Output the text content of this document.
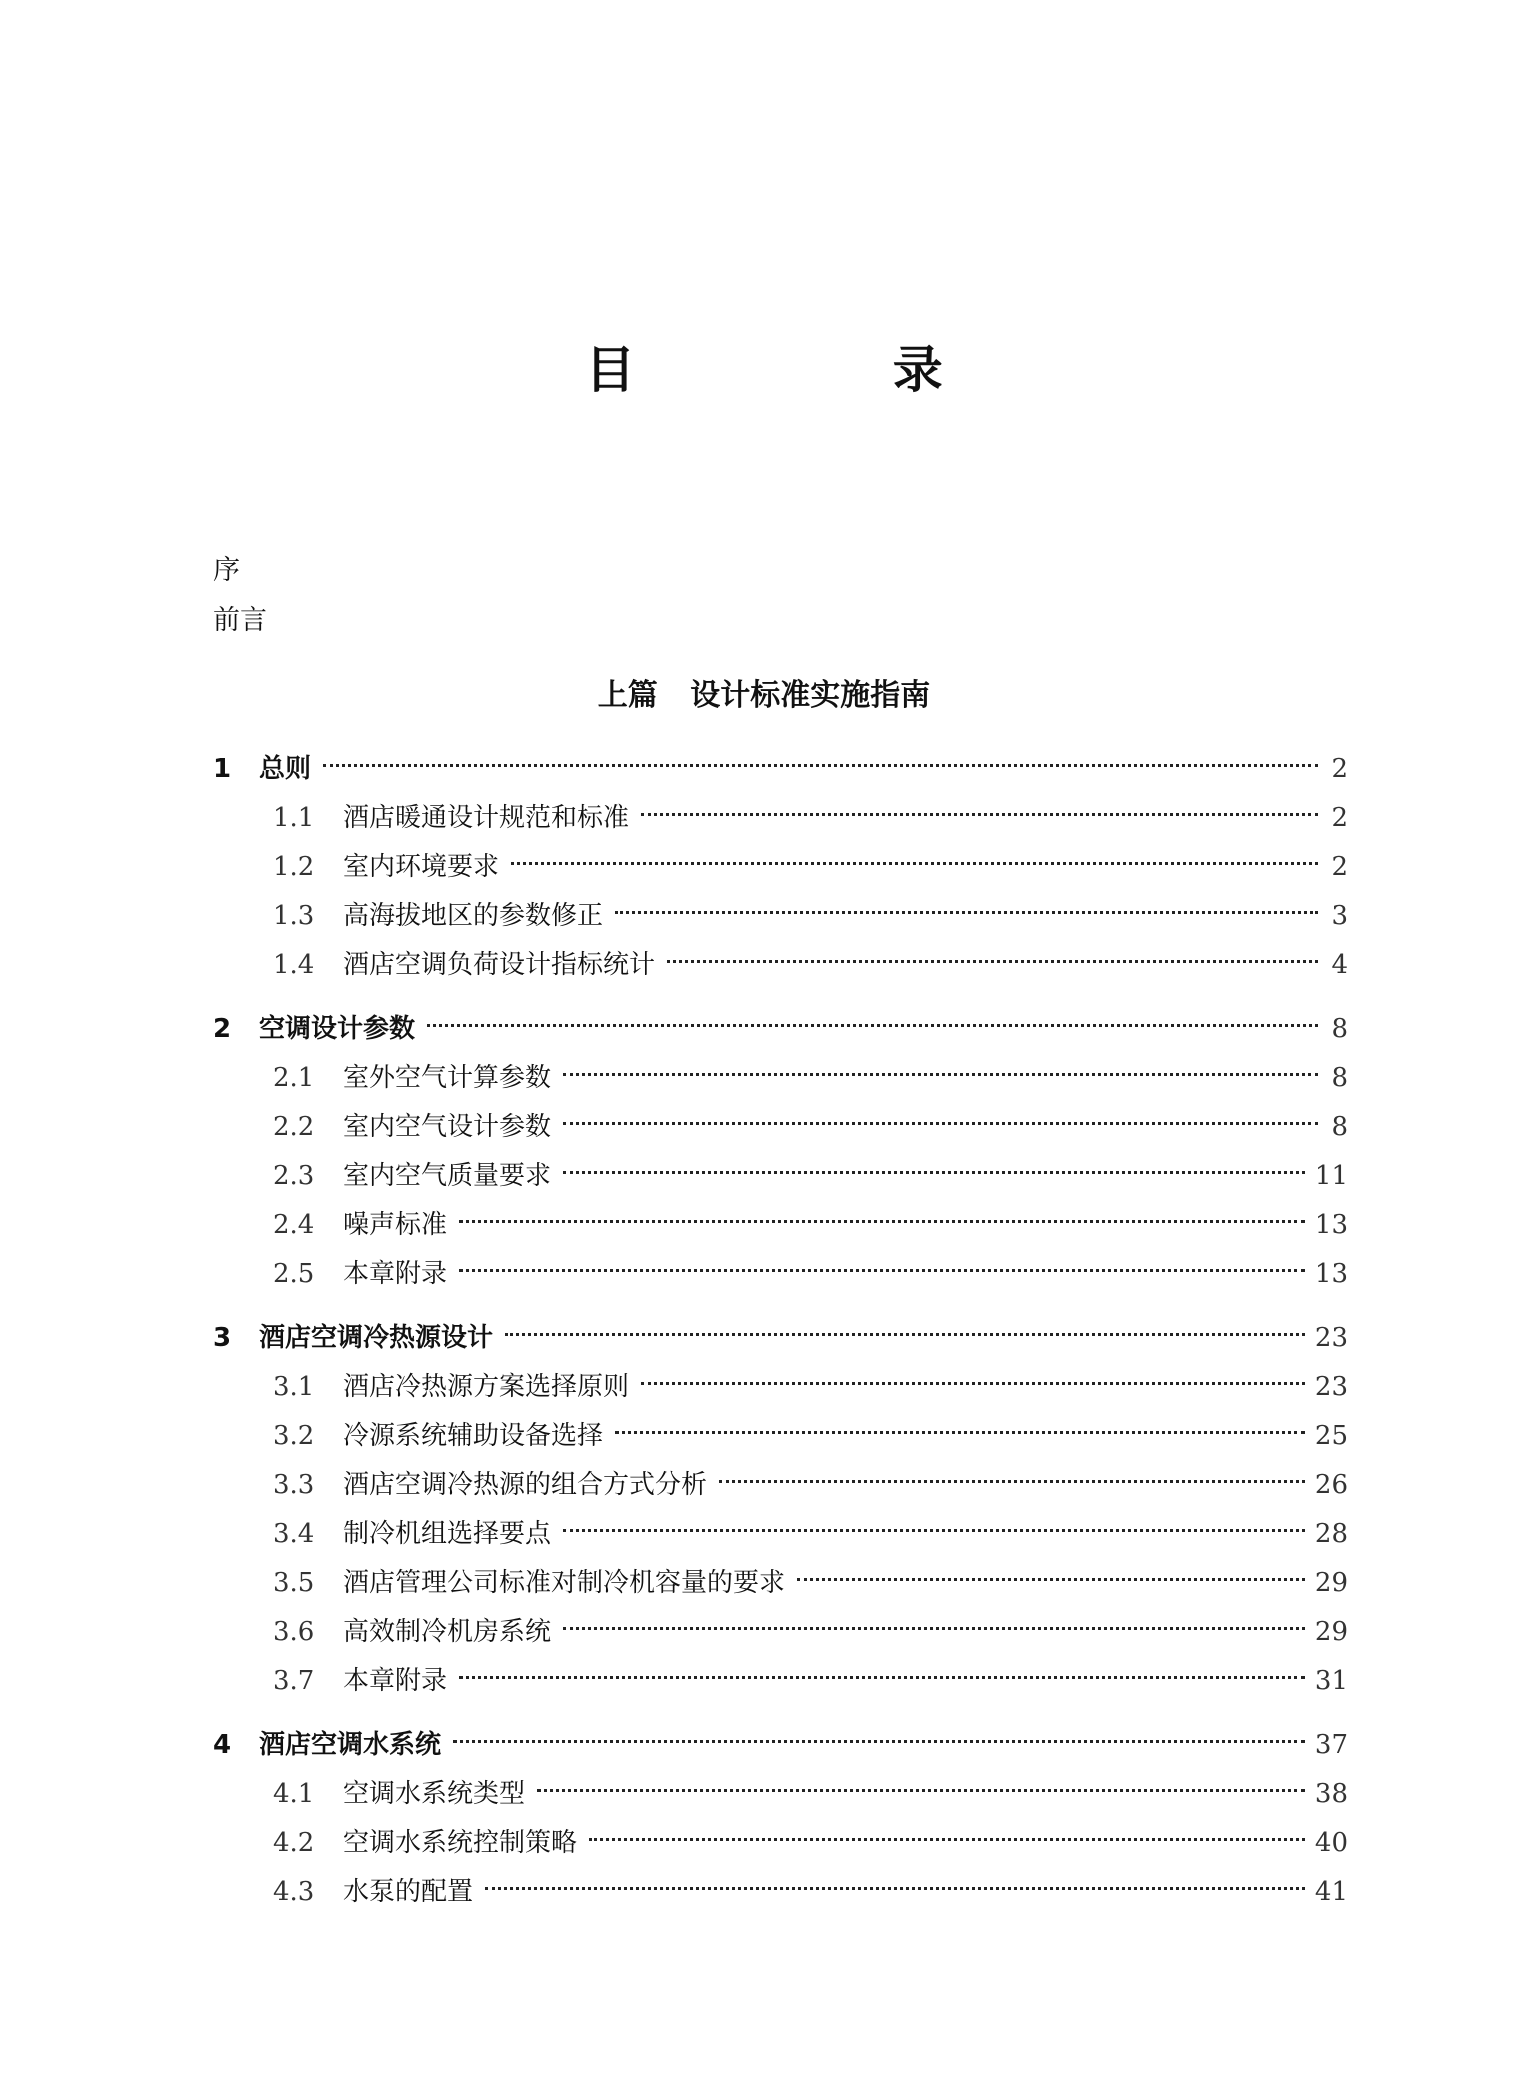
目 录
序
前言
上篇 设计标准实施指南
1	总则	2
1.1	酒店暖通设计规范和标准	2
1.2	室内环境要求	2
1.3	高海拔地区的参数修正	3
1.4	酒店空调负荷设计指标统计	4
2	空调设计参数	8
2.1	室外空气计算参数	8
2.2	室内空气设计参数	8
2.3	室内空气质量要求	11
2.4	噪声标准	13
2.5	本章附录	13
3	酒店空调冷热源设计	23
3.1	酒店冷热源方案选择原则	23
3.2	冷源系统辅助设备选择	25
3.3	酒店空调冷热源的组合方式分析	26
3.4	制冷机组选择要点	28
3.5	酒店管理公司标准对制冷机容量的要求	29
3.6	高效制冷机房系统	29
3.7	本章附录	31
4	酒店空调水系统	37
4.1	空调水系统类型	38
4.2	空调水系统控制策略	40
4.3	水泵的配置	41
